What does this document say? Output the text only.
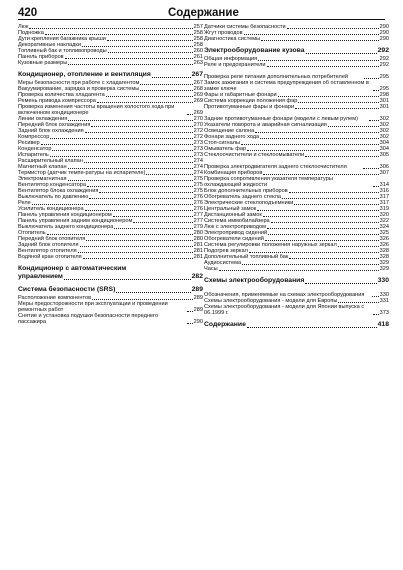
420	Содержание
Люк	257
Подножка	258
Дуги крепления багажника крыши	258
Декоративные накладки	258
Топливный бак и топливопроводы	260
Панель приборов	261
Кузовные размеры	263
Кондиционер, отопление и вентиляция	267
Меры безопасности при работе с хладагентом	267
Вакуумирование, зарядка и проверка системы	268
Проверка количества хладагента	269
Ремень привода компрессора	269
Проверка изменения частоты вращения холостого хода при включенном кондиционере	269
Линии охлаждения	270
Передний блок охлаждения	270
Задний блок охлаждения	272
Компрессор	272
Ресивер	273
Конденсатор	273
Испаритель	273
Расширительный клапан	274
Магнитный клапан	274
Термистор (датчик темпе-ратуры на испарителе)	274
Электромагнитная	275
Вентилятор конденсатора	275
Вентилятор блока охлаждения	275
Выключатель по давлению	276
Реле	276
Усилитель кондиционера	276
Панель управления кондиционером	277
Панель управления задним кондиционером	277
Выключатель заднего кондиционера	279
Отопитель	280
Передний блок отопителя	280
Задний блок отопителя	281
Вентилятор отопителя	281
Водяной кран отопителя	281
Кондиционер с автоматическим
управлением	282
Система безопасности (SRS)	289
Расположение компонентов	289
Меры предосторожности при эксплуатации и проведении ремонтных работ	289
Снятие и установка подушки безопасности переднего пассажира	290
Датчики системы безопасности	290
Жгут проводов	290
Диагностика системы	290
Электрооборудование кузова	292
Общая информация	292
Реле и предохранители	292
Проверка реле питания дополнительных потребителей	295
Замок зажигания и система предупреждения об оставленном в замке ключе	295
Фары и габаритные фонари	298
Система коррекции положения фар	301
Противотуманные фары и фонари	301
Задние противотуманные фонари (модели с левым рулем)	302
Указатели поворота и аварийная сигнализация	302
Освещение салона	302
Фонари заднего хода	302
Стоп-сигналы	304
Омыватель фар	304
Стеклоочистители и стеклоомыватели	305
Проверка электродвигателя заднего стеклоочистителя	306
Комбинация приборов	307
Проверка сопротивления указателя температуры охлаждающей жидкости	314
Блок дополнительных приборов	316
Обогреватель заднего стекла	317
Электрические стеклоподъемники	317
Центральный замок	319
Дистанционный замок	320
Система иммобилайзера	322
Люк с электроприводом	324
Электропривод сидений	325
Обогреватели сидений	326
Система регулировки положения наружных зеркал	326
Подогрев зеркал	328
Дополнительный топливный бак	328
Аудиосистема	329
Часы	329
Схемы электрооборудования	330
Обозначения, применяемые на схемах электрооборудования	330
Схемы электрооборудования - модели для Европы	331
Схемы электрооборудования - модели для Японии выпуска с 06.1999 г.	373
Содержание	418
